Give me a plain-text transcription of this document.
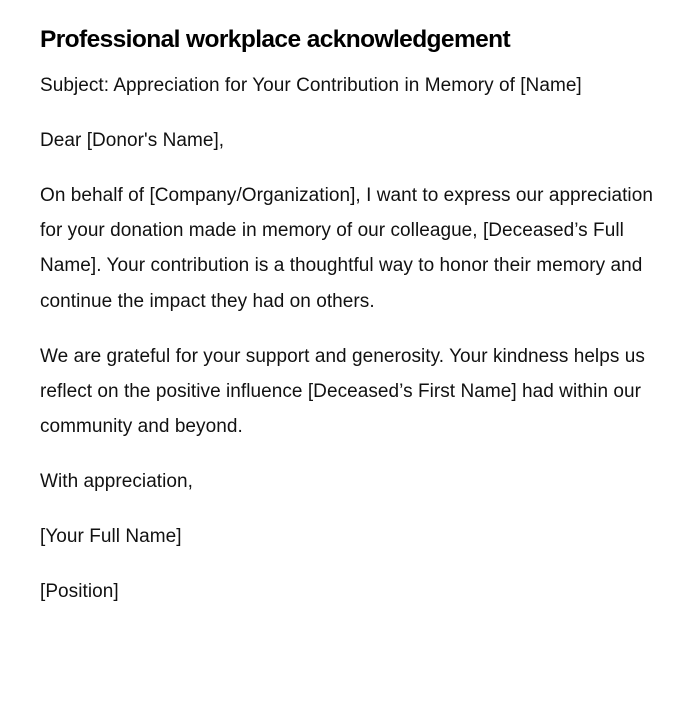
Professional workplace acknowledgement

Subject: Appreciation for Your Contribution in Memory of [Name]

Dear [Donor's Name],

On behalf of [Company/Organization], I want to express our appreciation for your donation made in memory of our colleague, [Deceased’s Full Name]. Your contribution is a thoughtful way to honor their memory and continue the impact they had on others.

We are grateful for your support and generosity. Your kindness helps us reflect on the positive influence [Deceased’s First Name] had within our community and beyond.

With appreciation,

[Your Full Name]

[Position]
